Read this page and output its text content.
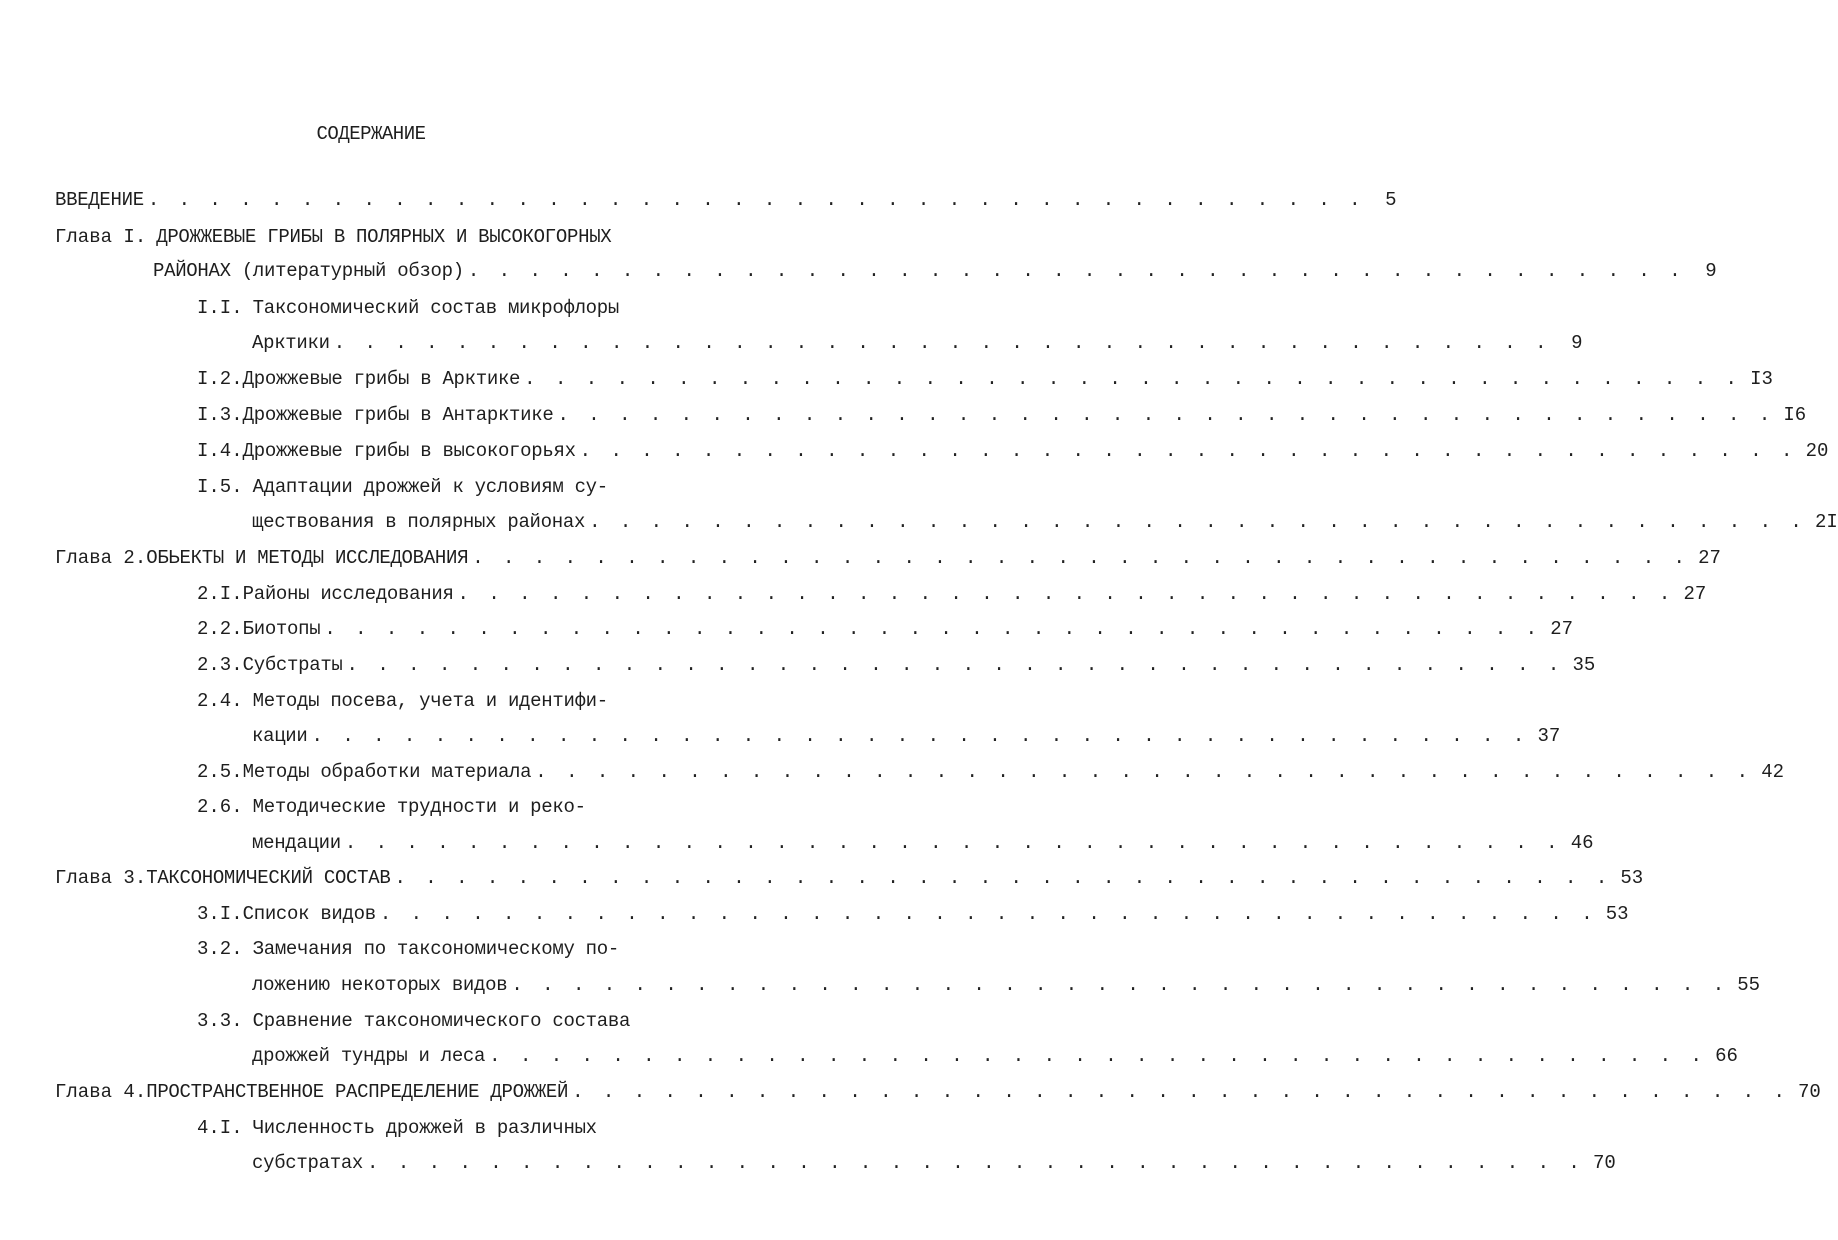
СОДЕРЖАНИЕ
ВВЕДЕНИЕ . . . . . . . . . . . . . . . . . . . . . . . . . . . . . . . . . . . . . . . .	5
Глава I. ДРОЖЖЕВЫЕ ГРИБЫ В ПОЛЯРНЫХ И ВЫСОКОГОРНЫХ
РАЙОНАХ (литературный обзор) . . . . . . . . . . . . . . . . . . . . . . . . . . . . . . . . . . . . . . . .	9
I.I. Таксономический состав микрофлоры
Арктики . . . . . . . . . . . . . . . . . . . . . . . . . . . . . . . . . . . . . . . .	9
I.2. Дрожжевые грибы в Арктике . . . . . . . . . . . . . . . . . . . . . . . . . . . . . . . . . . . . . . . . I3
I.3. Дрожжевые грибы в Антарктике . . . . . . . . . . . . . . . . . . . . . . . . . . . . . . . . . . . . . . . . I6
I.4. Дрожжевые грибы в высокогорьях . . . . . . . . . . . . . . . . . . . . . . . . . . . . . . . . . . . . . . . . 20
I.5. Адаптации дрожжей к условиям су-
ществования в полярных районах . . . . . . . . . . . . . . . . . . . . . . . . . . . . . . . . . . . . . . . . 2I
Глава 2. ОБЬЕКТЫ И МЕТОДЫ ИССЛЕДОВАНИЯ . . . . . . . . . . . . . . . . . . . . . . . . . . . . . . . . . . . . . . . . 27
2.I. Районы исследования . . . . . . . . . . . . . . . . . . . . . . . . . . . . . . . . . . . . . . . . 27
2.2. Биотопы . . . . . . . . . . . . . . . . . . . . . . . . . . . . . . . . . . . . . . . . 27
2.3. Субстраты . . . . . . . . . . . . . . . . . . . . . . . . . . . . . . . . . . . . . . . . 35
2.4. Методы посева, учета и идентифи-
кации . . . . . . . . . . . . . . . . . . . . . . . . . . . . . . . . . . . . . . . . 37
2.5. Методы обработки материала . . . . . . . . . . . . . . . . . . . . . . . . . . . . . . . . . . . . . . . . 42
2.6. Методические трудности и реко-
мендации . . . . . . . . . . . . . . . . . . . . . . . . . . . . . . . . . . . . . . . . 46
Глава 3. ТАКСОНОМИЧЕСКИЙ СОСТАВ . . . . . . . . . . . . . . . . . . . . . . . . . . . . . . . . . . . . . . . . 53
3.I. Список видов . . . . . . . . . . . . . . . . . . . . . . . . . . . . . . . . . . . . . . . . 53
3.2. Замечания по таксономическому по-
ложению некоторых видов . . . . . . . . . . . . . . . . . . . . . . . . . . . . . . . . . . . . . . . . 55
3.3. Сравнение таксономического состава
дрожжей тундры и леса . . . . . . . . . . . . . . . . . . . . . . . . . . . . . . . . . . . . . . . . 66
Глава 4. ПРОСТРАНСТВЕННОЕ РАСПРЕДЕЛЕНИЕ ДРОЖЖЕЙ . . . . . . . . . . . . . . . . . . . . . . . . . . . . . . . . . . . . . . . . 70
4.I. Численность дрожжей в различных
субстратах . . . . . . . . . . . . . . . . . . . . . . . . . . . . . . . . . . . . . . . . 70
